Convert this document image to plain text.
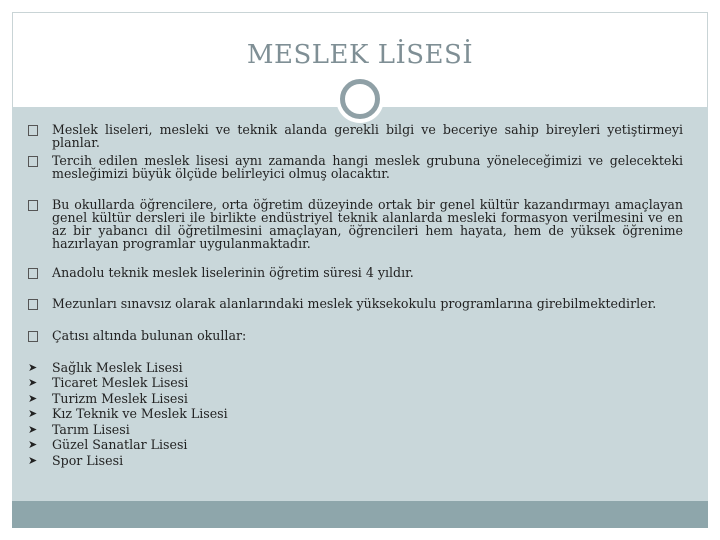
MESLEK LİSESİ
Meslek liseleri, mesleki ve teknik alanda gerekli bilgi ve beceriye sahip bireyleri yetiştirmeyi planlar.
Tercih edilen meslek lisesi aynı zamanda hangi meslek grubuna yöneleceğimizi ve gelecekteki mesleğimizi büyük ölçüde belirleyici olmuş olacaktır.
Bu okullarda öğrencilere, orta öğretim düzeyinde ortak bir genel kültür kazandırmayı amaçlayan genel kültür dersleri ile birlikte endüstriyel teknik alanlarda mesleki formasyon verilmesini ve en az bir yabancı dil öğretilmesini amaçlayan, öğrencileri hem hayata, hem de yüksek öğrenime hazırlayan programlar uygulanmaktadır.
Anadolu teknik meslek liselerinin öğretim süresi 4 yıldır.
Mezunları sınavsız olarak alanlarındaki meslek yüksekokulu programlarına girebilmektedirler.
Çatısı altında bulunan okullar:
➤	Sağlık Meslek Lisesi
➤	Ticaret Meslek Lisesi
➤	Turizm Meslek Lisesi
➤	Kız Teknik ve Meslek Lisesi
➤	Tarım Lisesi
➤	Güzel Sanatlar Lisesi
➤	Spor Lisesi
